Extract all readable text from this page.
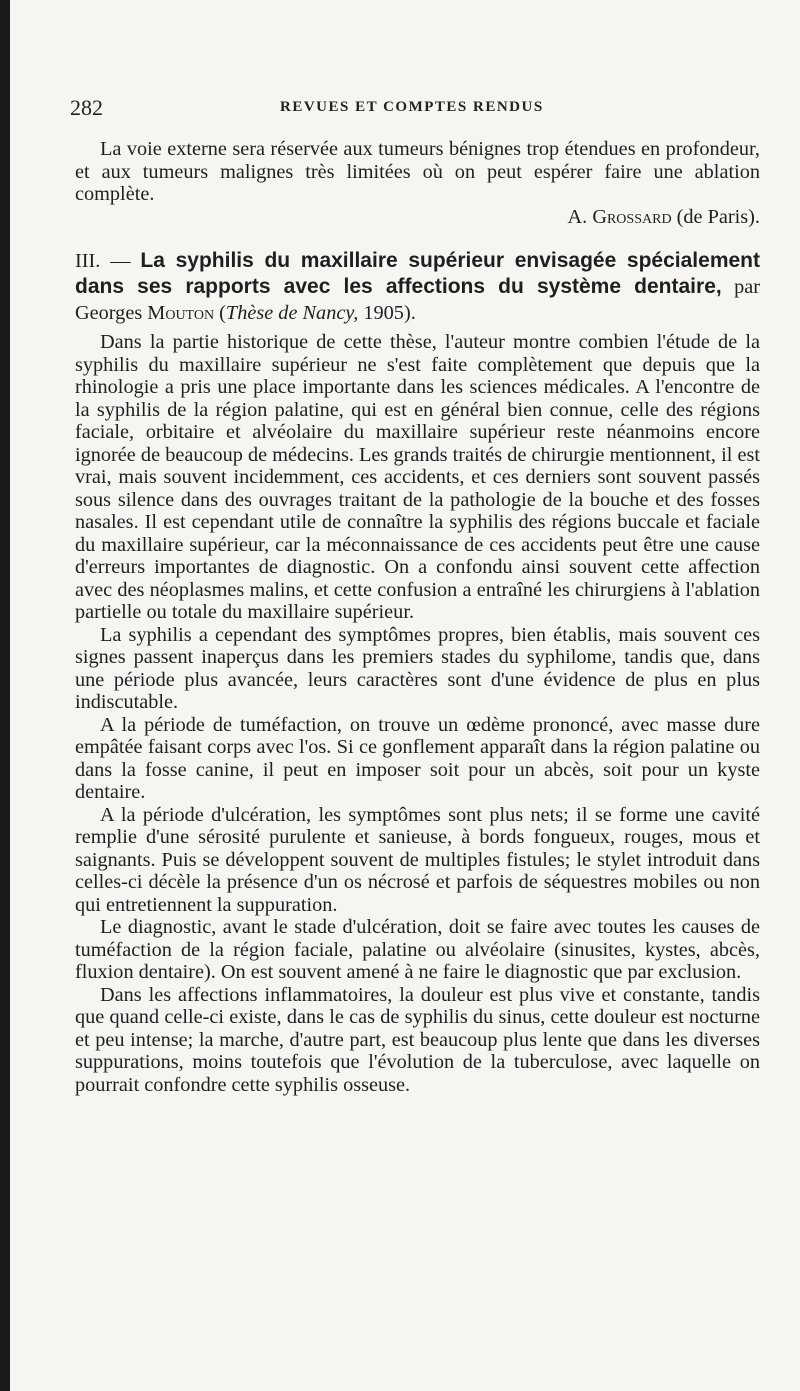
282	REVUES ET COMPTES RENDUS

La voie externe sera réservée aux tumeurs bénignes trop étendues en profondeur, et aux tumeurs malignes très limitées où on peut espérer faire une ablation complète.

A. Grossard (de Paris).

III. — La syphilis du maxillaire supérieur envisagée spécialement dans ses rapports avec les affections du système dentaire, par Georges Mouton (Thèse de Nancy, 1905).

Dans la partie historique de cette thèse, l'auteur montre combien l'étude de la syphilis du maxillaire supérieur ne s'est faite complètement que depuis que la rhinologie a pris une place importante dans les sciences médicales. A l'encontre de la syphilis de la région palatine, qui est en général bien connue, celle des régions faciale, orbitaire et alvéolaire du maxillaire supérieur reste néanmoins encore ignorée de beaucoup de médecins. Les grands traités de chirurgie mentionnent, il est vrai, mais souvent incidemment, ces accidents, et ces derniers sont souvent passés sous silence dans des ouvrages traitant de la pathologie de la bouche et des fosses nasales. Il est cependant utile de connaître la syphilis des régions buccale et faciale du maxillaire supérieur, car la méconnaissance de ces accidents peut être une cause d'erreurs importantes de diagnostic. On a confondu ainsi souvent cette affection avec des néoplasmes malins, et cette confusion a entraîné les chirurgiens à l'ablation partielle ou totale du maxillaire supérieur.

La syphilis a cependant des symptômes propres, bien établis, mais souvent ces signes passent inaperçus dans les premiers stades du syphilome, tandis que, dans une période plus avancée, leurs caractères sont d'une évidence de plus en plus indiscutable.

A la période de tuméfaction, on trouve un œdème prononcé, avec masse dure empâtée faisant corps avec l'os. Si ce gonflement apparaît dans la région palatine ou dans la fosse canine, il peut en imposer soit pour un abcès, soit pour un kyste dentaire.

A la période d'ulcération, les symptômes sont plus nets; il se forme une cavité remplie d'une sérosité purulente et sanieuse, à bords fongueux, rouges, mous et saignants. Puis se développent souvent de multiples fistules; le stylet introduit dans celles-ci décèle la présence d'un os nécrosé et parfois de séquestres mobiles ou non qui entretiennent la suppuration.

Le diagnostic, avant le stade d'ulcération, doit se faire avec toutes les causes de tuméfaction de la région faciale, palatine ou alvéolaire (sinusites, kystes, abcès, fluxion dentaire). On est souvent amené à ne faire le diagnostic que par exclusion.

Dans les affections inflammatoires, la douleur est plus vive et constante, tandis que quand celle-ci existe, dans le cas de syphilis du sinus, cette douleur est nocturne et peu intense; la marche, d'autre part, est beaucoup plus lente que dans les diverses suppurations, moins toutefois que l'évolution de la tuberculose, avec laquelle on pourrait confondre cette syphilis osseuse.
